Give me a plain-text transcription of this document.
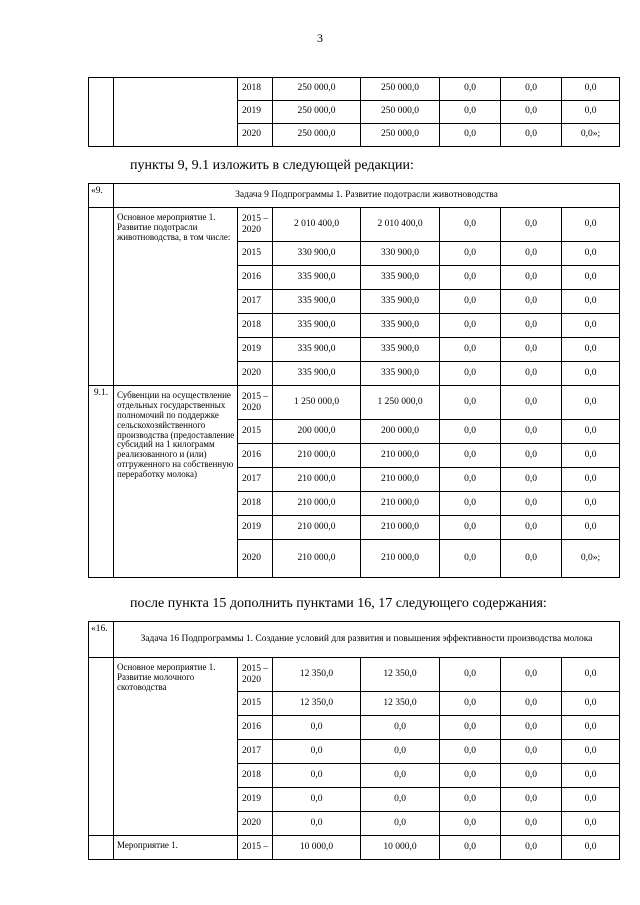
3
		2018	250 000,0	250 000,0	0,0	0,0	0,0
		2019	250 000,0	250 000,0	0,0	0,0	0,0
		2020	250 000,0	250 000,0	0,0	0,0	0,0»;
пункты 9, 9.1 изложить в следующей редакции:
«9.	Задача 9 Подпрограммы 1. Развитие подотрасли животноводства						
	Основное мероприятие 1. Развитие подотрасли животноводства, в том числе:	2015 – 2020	2 010 400,0	2 010 400,0	0,0	0,0	0,0
		2015	330 900,0	330 900,0	0,0	0,0	0,0
		2016	335 900,0	335 900,0	0,0	0,0	0,0
		2017	335 900,0	335 900,0	0,0	0,0	0,0
		2018	335 900,0	335 900,0	0,0	0,0	0,0
		2019	335 900,0	335 900,0	0,0	0,0	0,0
		2020	335 900,0	335 900,0	0,0	0,0	0,0
9.1.	Субвенции на осуществление отдельных государственных полномочий по поддержке сельскохозяйственного производства (предоставление субсидий на 1 килограмм реализованного и (или) отгруженного на собственную переработку молока)	2015 – 2020	1 250 000,0	1 250 000,0	0,0	0,0	0,0
		2015	200 000,0	200 000,0	0,0	0,0	0,0
		2016	210 000,0	210 000,0	0,0	0,0	0,0
		2017	210 000,0	210 000,0	0,0	0,0	0,0
		2018	210 000,0	210 000,0	0,0	0,0	0,0
		2019	210 000,0	210 000,0	0,0	0,0	0,0
		2020	210 000,0	210 000,0	0,0	0,0	0,0»;
после пункта 15 дополнить пунктами 16, 17 следующего содержания:
«16.	Задача 16 Подпрограммы 1. Создание условий для развития и повышения эффективности производства молока						
	Основное мероприятие 1. Развитие молочного скотоводства	2015 – 2020	12 350,0	12 350,0	0,0	0,0	0,0
		2015	12 350,0	12 350,0	0,0	0,0	0,0
		2016	0,0	0,0	0,0	0,0	0,0
		2017	0,0	0,0	0,0	0,0	0,0
		2018	0,0	0,0	0,0	0,0	0,0
		2019	0,0	0,0	0,0	0,0	0,0
		2020	0,0	0,0	0,0	0,0	0,0
	Мероприятие 1.	2015 –	10 000,0	10 000,0	0,0	0,0	0,0
